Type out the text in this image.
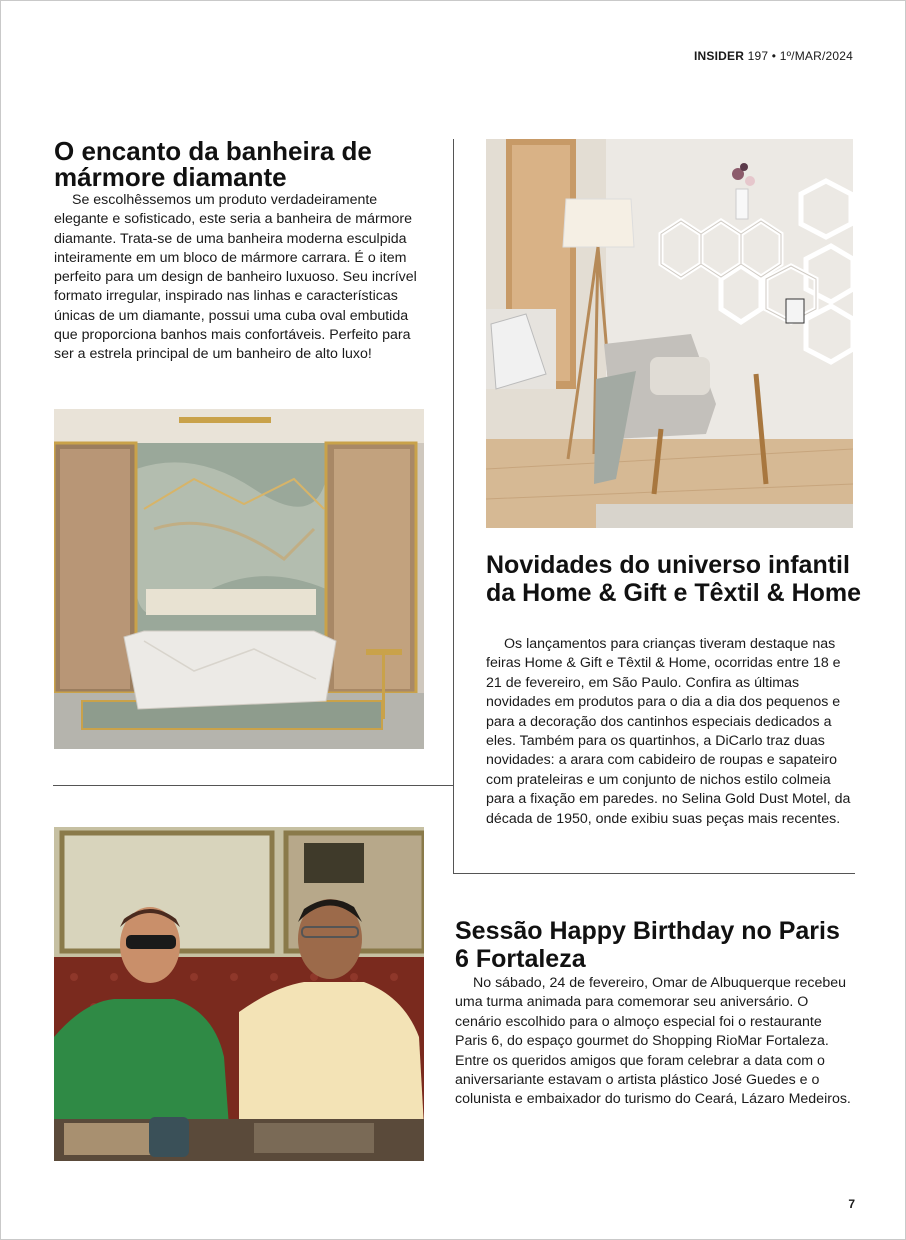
INSIDER 197 • 1º/MAR/2024
O encanto da banheira de mármore diamante

Se escolhêssemos um produto verdadeiramente elegante e sofisticado, este seria a banheira de mármore diamante. Trata-se de uma banheira moderna esculpida inteiramente em um bloco de mármore carrara. É o item perfeito para um design de banheiro luxuoso. Seu incrível formato irregular, inspirado nas linhas e características únicas de um diamante, possui uma cuba oval embutida que proporciona banhos mais confortáveis. Perfeito para ser a estrela principal de um banheiro de alto luxo!

Novidades do universo infantil da Home & Gift e Têxtil & Home

Os lançamentos para crianças tiveram destaque nas feiras Home & Gift e Têxtil & Home, ocorridas entre 18 e 21 de fevereiro, em São Paulo. Confira as últimas novidades em produtos para o dia a dia dos pequenos e para a decoração dos cantinhos especiais dedicados a eles. Também para os quartinhos, a DiCarlo traz duas novidades: a arara com cabideiro de roupas e sapateiro com prateleiras e um conjunto de nichos estilo colmeia para a fixação em paredes. no Selina Gold Dust Motel, da década de 1950, onde exibiu suas peças mais recentes.

Sessão Happy Birthday no Paris 6 Fortaleza

No sábado, 24 de fevereiro, Omar de Albuquerque recebeu uma turma animada para comemorar seu aniversário. O cenário escolhido para o almoço especial foi o restaurante Paris 6, do espaço gourmet do Shopping RioMar Fortaleza. Entre os queridos amigos que foram celebrar a data com o aniversariante estavam o artista plástico José Guedes e o colunista e embaixador do turismo do Ceará, Lázaro Medeiros.

7
